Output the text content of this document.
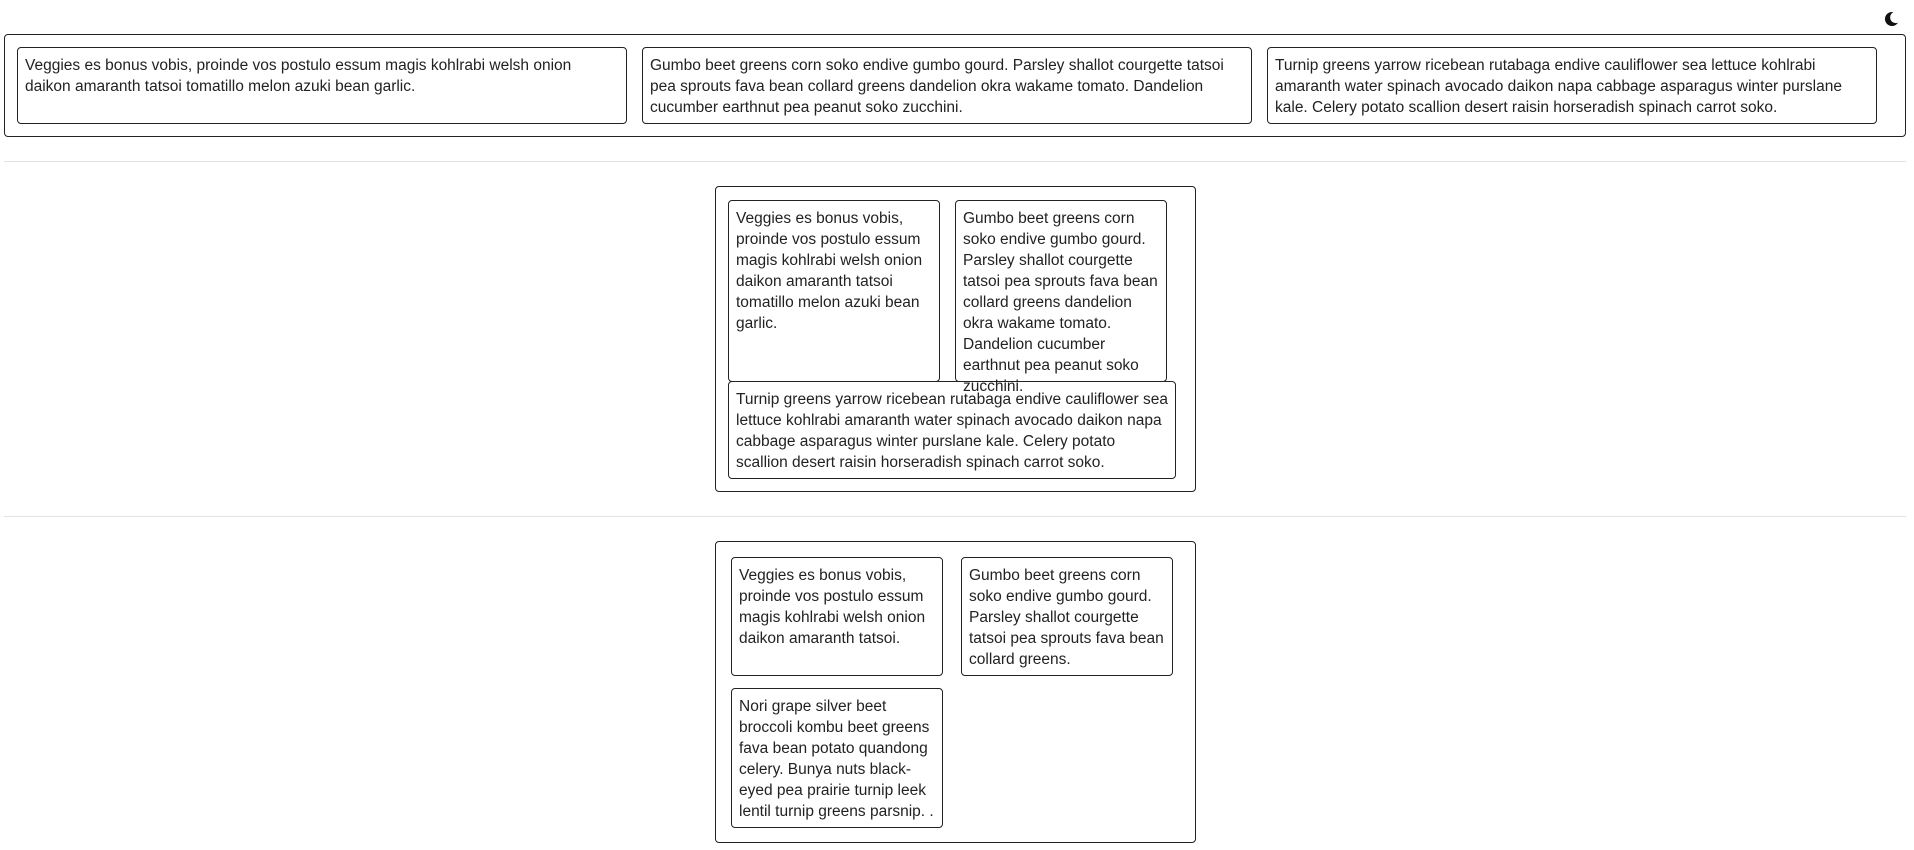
Veggies es bonus vobis, proinde vos postulo essum magis kohlrabi welsh onion daikon amaranth tatsoi tomatillo melon azuki bean garlic.
Gumbo beet greens corn soko endive gumbo gourd. Parsley shallot courgette tatsoi pea sprouts fava bean collard greens dandelion okra wakame tomato. Dandelion cucumber earthnut pea peanut soko zucchini.
Turnip greens yarrow ricebean rutabaga endive cauliflower sea lettuce kohlrabi amaranth water spinach avocado daikon napa cabbage asparagus winter purslane kale. Celery potato scallion desert raisin horseradish spinach carrot soko.
Veggies es bonus vobis, proinde vos postulo essum magis kohlrabi welsh onion daikon amaranth tatsoi tomatillo melon azuki bean garlic.
Gumbo beet greens corn soko endive gumbo gourd. Parsley shallot courgette tatsoi pea sprouts fava bean collard greens dandelion okra wakame tomato. Dandelion cucumber earthnut pea peanut soko zucchini.
Turnip greens yarrow ricebean rutabaga endive cauliflower sea lettuce kohlrabi amaranth water spinach avocado daikon napa cabbage asparagus winter purslane kale. Celery potato scallion desert raisin horseradish spinach carrot soko.
Veggies es bonus vobis, proinde vos postulo essum magis kohlrabi welsh onion daikon amaranth tatsoi.
Gumbo beet greens corn soko endive gumbo gourd. Parsley shallot courgette tatsoi pea sprouts fava bean collard greens.
Nori grape silver beet broccoli kombu beet greens fava bean potato quandong celery. Bunya nuts black-eyed pea prairie turnip leek lentil turnip greens parsnip. .
